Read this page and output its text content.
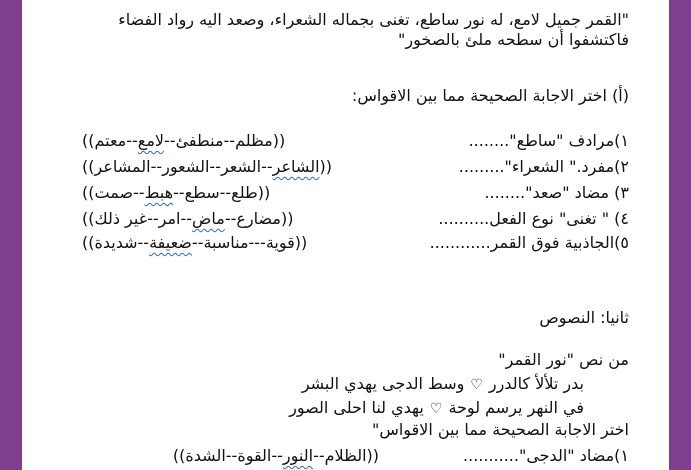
"القمر جميل لامع، له نور ساطع، تغنى بجماله الشعراء، وصعد اليه رواد الفضاء
فاكتشفوا أن سطحه ملئ بالصخور"
(أ) اختر الاجابة الصحيحة مما بين الاقواس:
١)مرادف "ساطع"........
((مظلم--منطفئ--لامع--معتم))
٢)مفرد." الشعراء".........
((الشاعر--الشعر--الشعور--المشاعر))
٣) مضاد "صعد"........
((طلع--سطع--هبط--صمت))
٤) " تغنى" نوع الفعل..........
((مضارع--ماض--امر--غير ذلك))
٥)الجاذبية فوق القمر............
((قوية---مناسبة--ضعيفة--شديدة))
ثانيا: النصوص
من نص "نور القمر"
بدر تلألأ كالدرر♡وسط الدجى يهدي البشر
في النهر يرسم لوحة♡يهدي لنا احلى الصور
اختر الاجابة الصحيحة مما بين الاقواس"
١)مضاد "الدجى"...........
((الظلام--النور--القوة--الشدة))
